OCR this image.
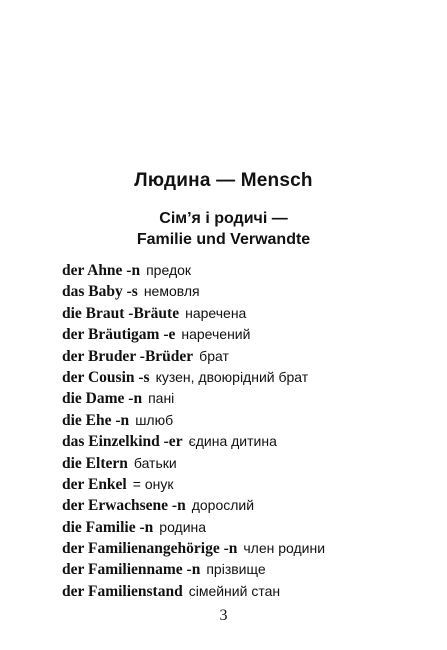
Людина — Mensch
Сім’я і родичі —
Familie und Verwandte
der Ahne -n предок
das Baby -s немовля
die Braut -Bräute наречена
der Bräutigam -e наречений
der Bruder -Brüder брат
der Cousin -s кузен, двоюрідний брат
die Dame -n пані
die Ehe -n шлюб
das Einzelkind -er єдина дитина
die Eltern батьки
der Enkel = онук
der Erwachsene -n дорослий
die Familie -n родина
der Familienangehörige -n член родини
der Familienname -n прізвище
der Familienstand сімейний стан
3
